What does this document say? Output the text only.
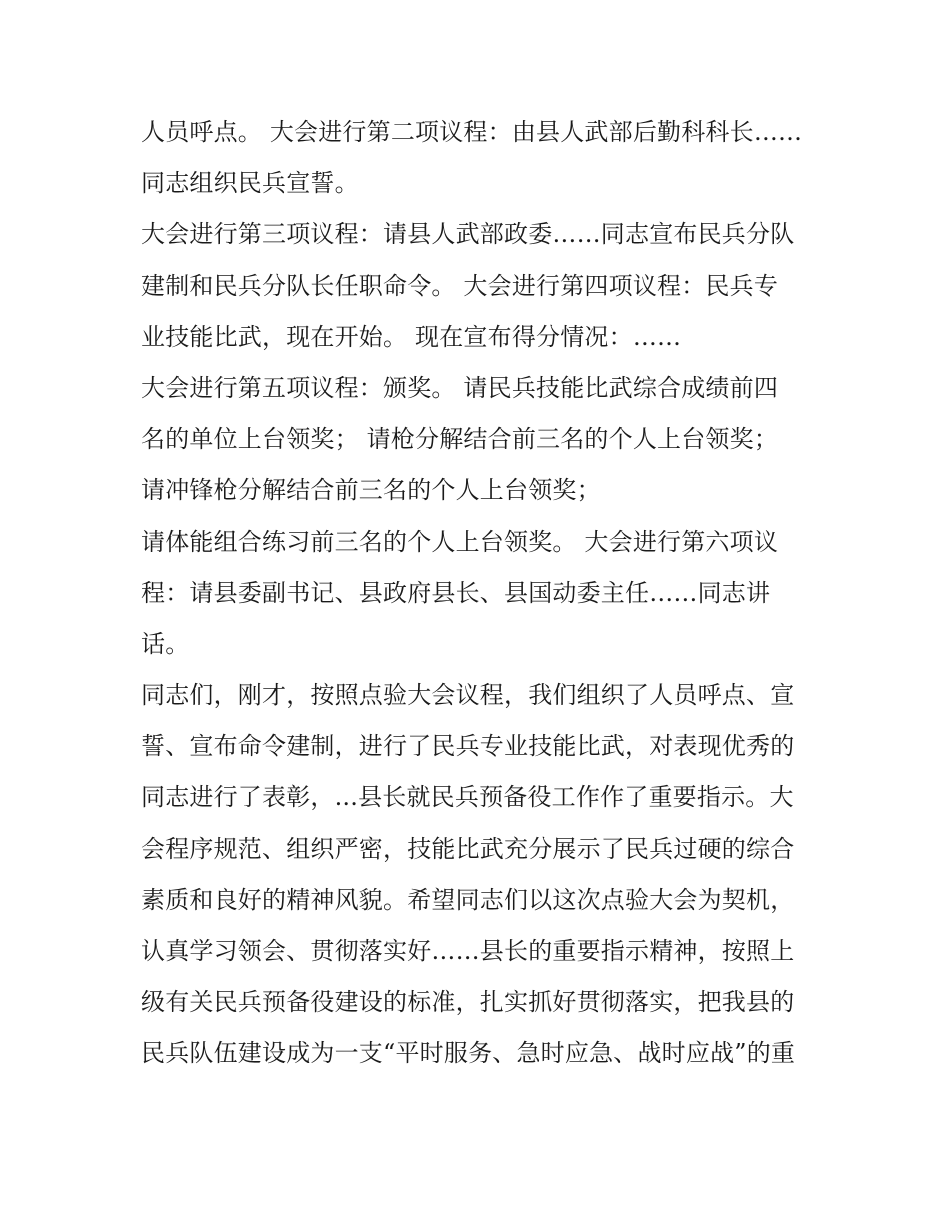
人员呼点。 大会进行第二项议程：由县人武部后勤科科长……
同志组织民兵宣誓。
大会进行第三项议程：请县人武部政委……同志宣布民兵分队
建制和民兵分队长任职命令。 大会进行第四项议程：民兵专
业技能比武，现在开始。 现在宣布得分情况：……
大会进行第五项议程：颁奖。 请民兵技能比武综合成绩前四
名的单位上台领奖； 请枪分解结合前三名的个人上台领奖；
请冲锋枪分解结合前三名的个人上台领奖；
请体能组合练习前三名的个人上台领奖。 大会进行第六项议
程：请县委副书记、县政府县长、县国动委主任……同志讲
话。
同志们，刚才，按照点验大会议程，我们组织了人员呼点、宣
誓、宣布命令建制，进行了民兵专业技能比武，对表现优秀的
同志进行了表彰，...县长就民兵预备役工作作了重要指示。大
会程序规范、组织严密，技能比武充分展示了民兵过硬的综合
素质和良好的精神风貌。希望同志们以这次点验大会为契机，
认真学习领会、贯彻落实好……县长的重要指示精神，按照上
级有关民兵预备役建设的标准，扎实抓好贯彻落实，把我县的
民兵队伍建设成为一支“平时服务、急时应急、战时应战”的重
